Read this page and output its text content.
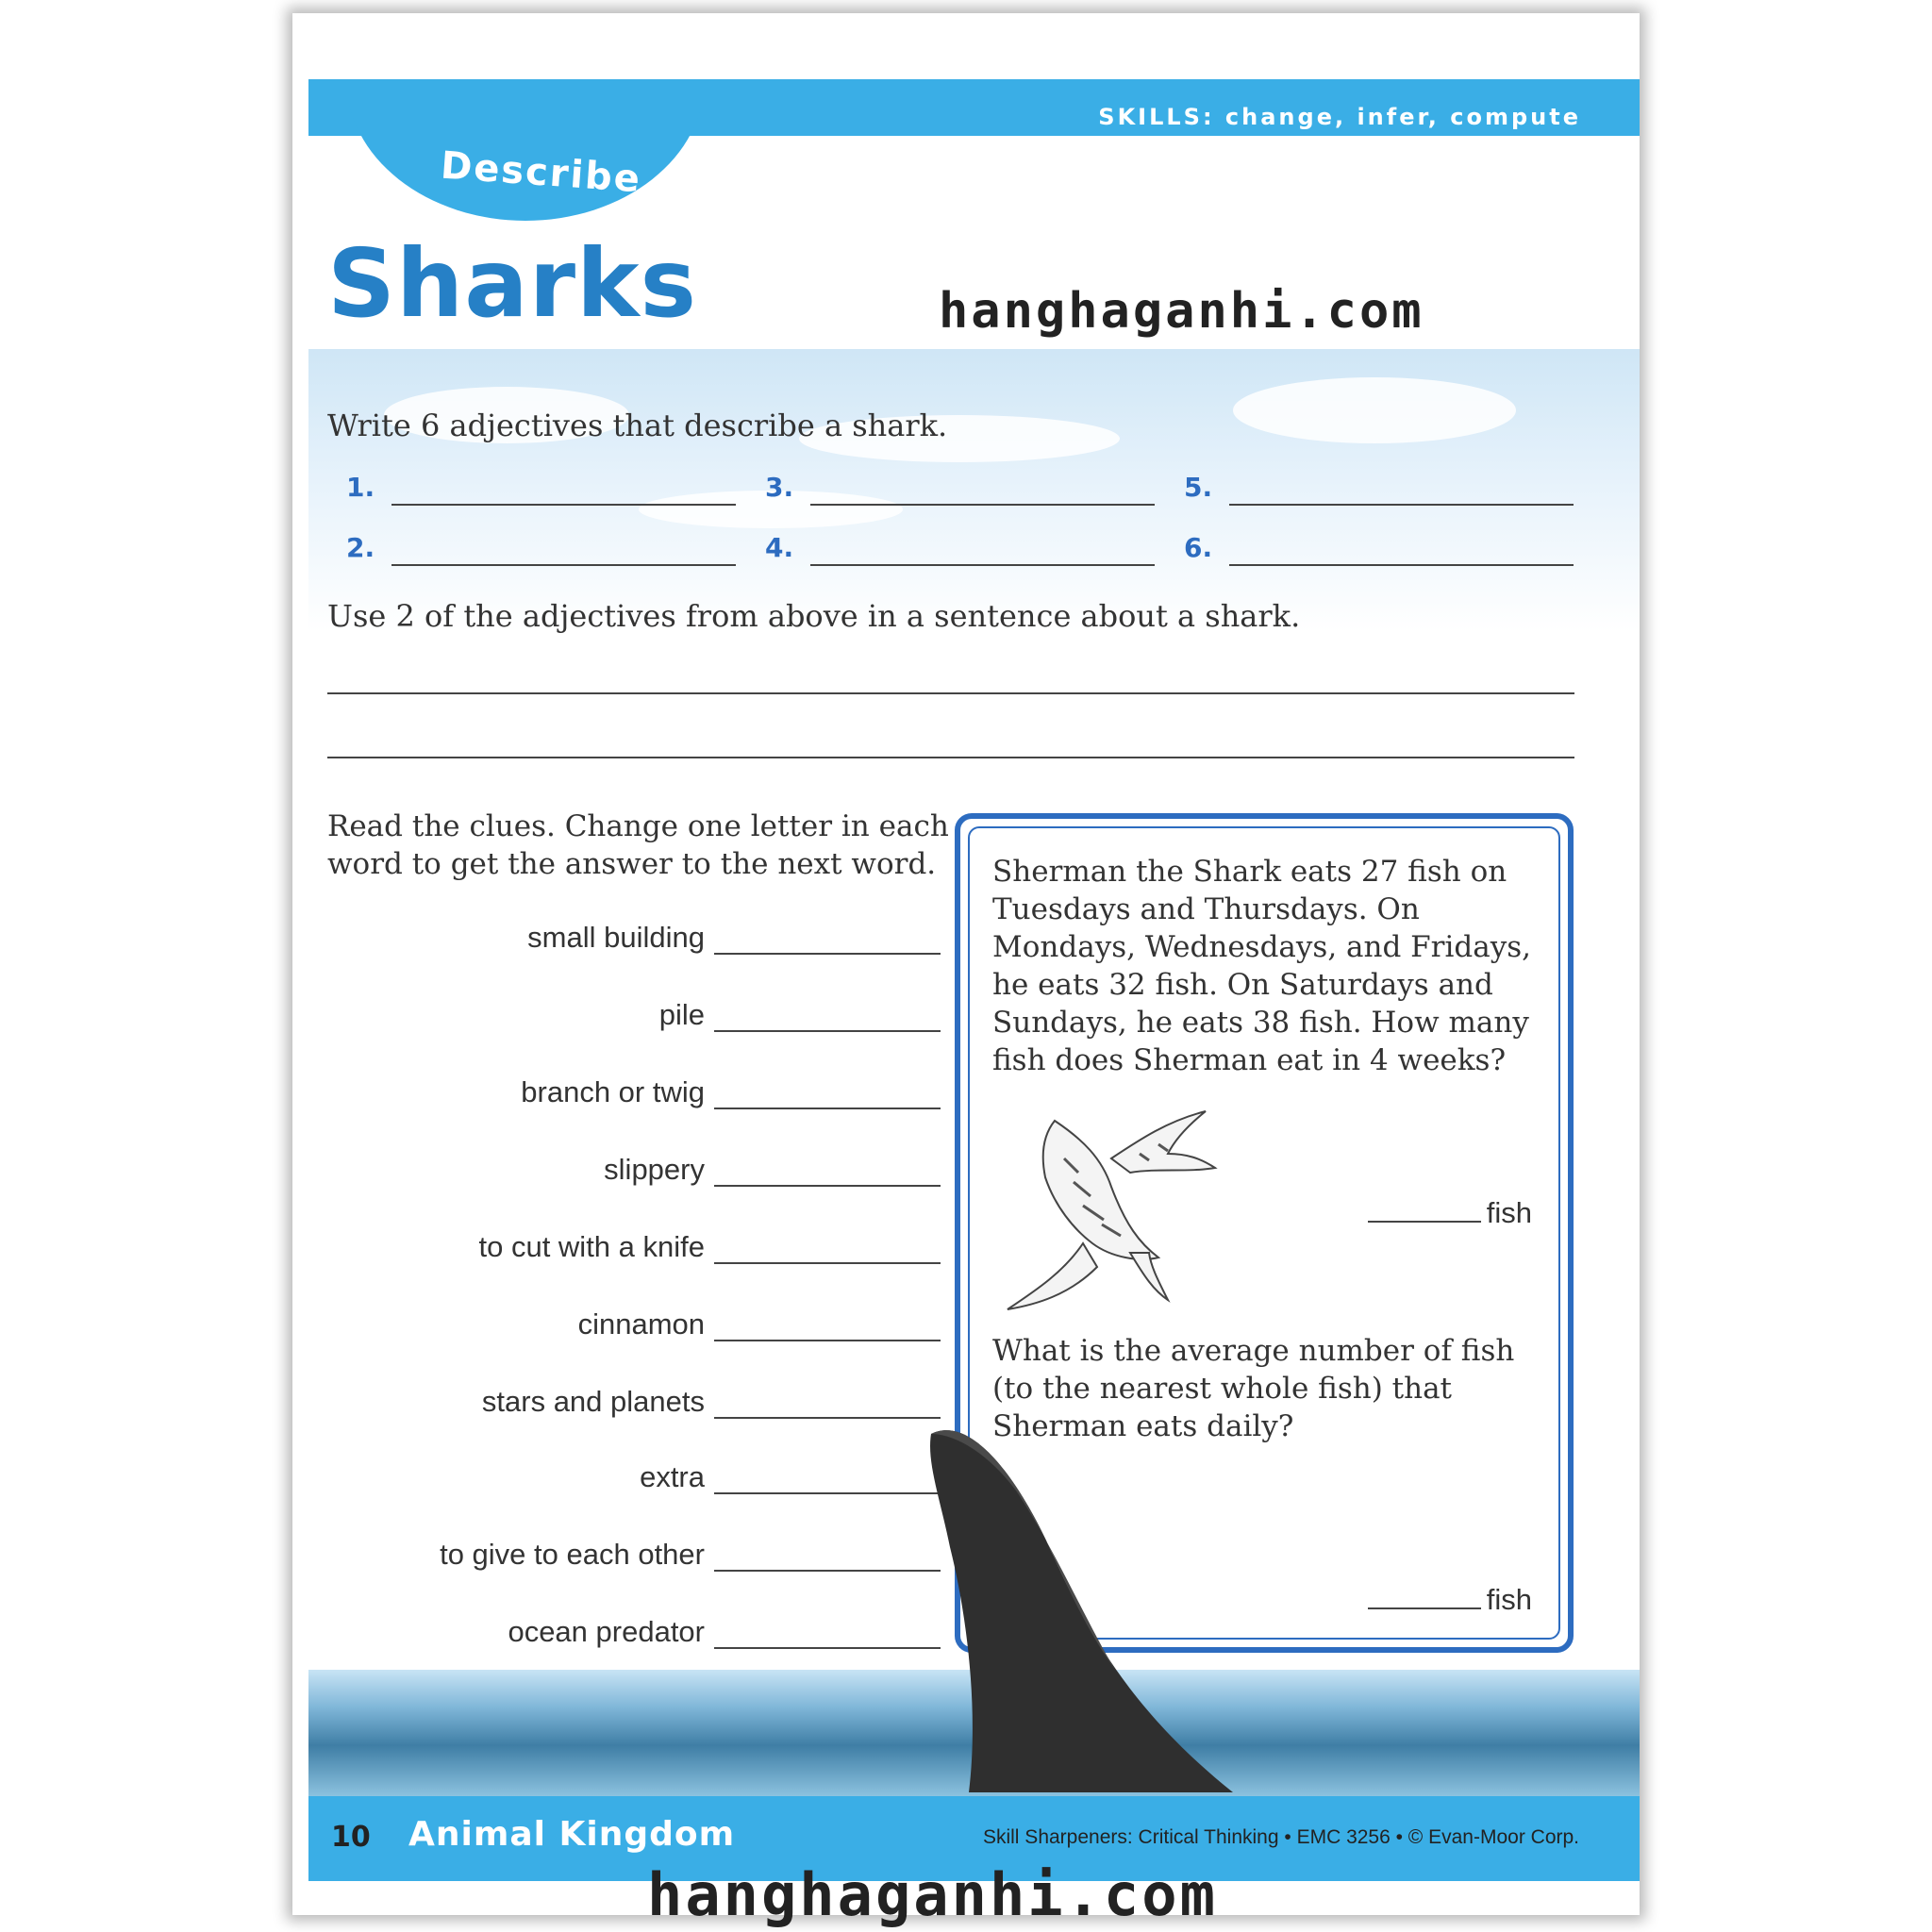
SKILLS: change, infer, compute
Describe
Sharks	hanghaganhi.com
Write 6 adjectives that describe a shark.
1.
2.
3.
4.
5.
6.
Use 2 of the adjectives from above in a sentence about a shark.
Read the clues. Change one letter in each word to get the answer to the next word.
small building
pile
branch or twig
slippery
to cut with a knife
cinnamon
stars and planets
extra
to give to each other
ocean predator
Sherman the Shark eats 27 fish on Tuesdays and Thursdays. On Mondays, Wednesdays, and Fridays, he eats 32 fish. On Saturdays and Sundays, he eats 38 fish. How many fish does Sherman eat in 4 weeks?
fish
What is the average number of fish (to the nearest whole fish) that Sherman eats daily?
fish
10 Animal Kingdom	Skill Sharpeners: Critical Thinking • EMC 3256 • © Evan-Moor Corp.
hanghaganhi.com
